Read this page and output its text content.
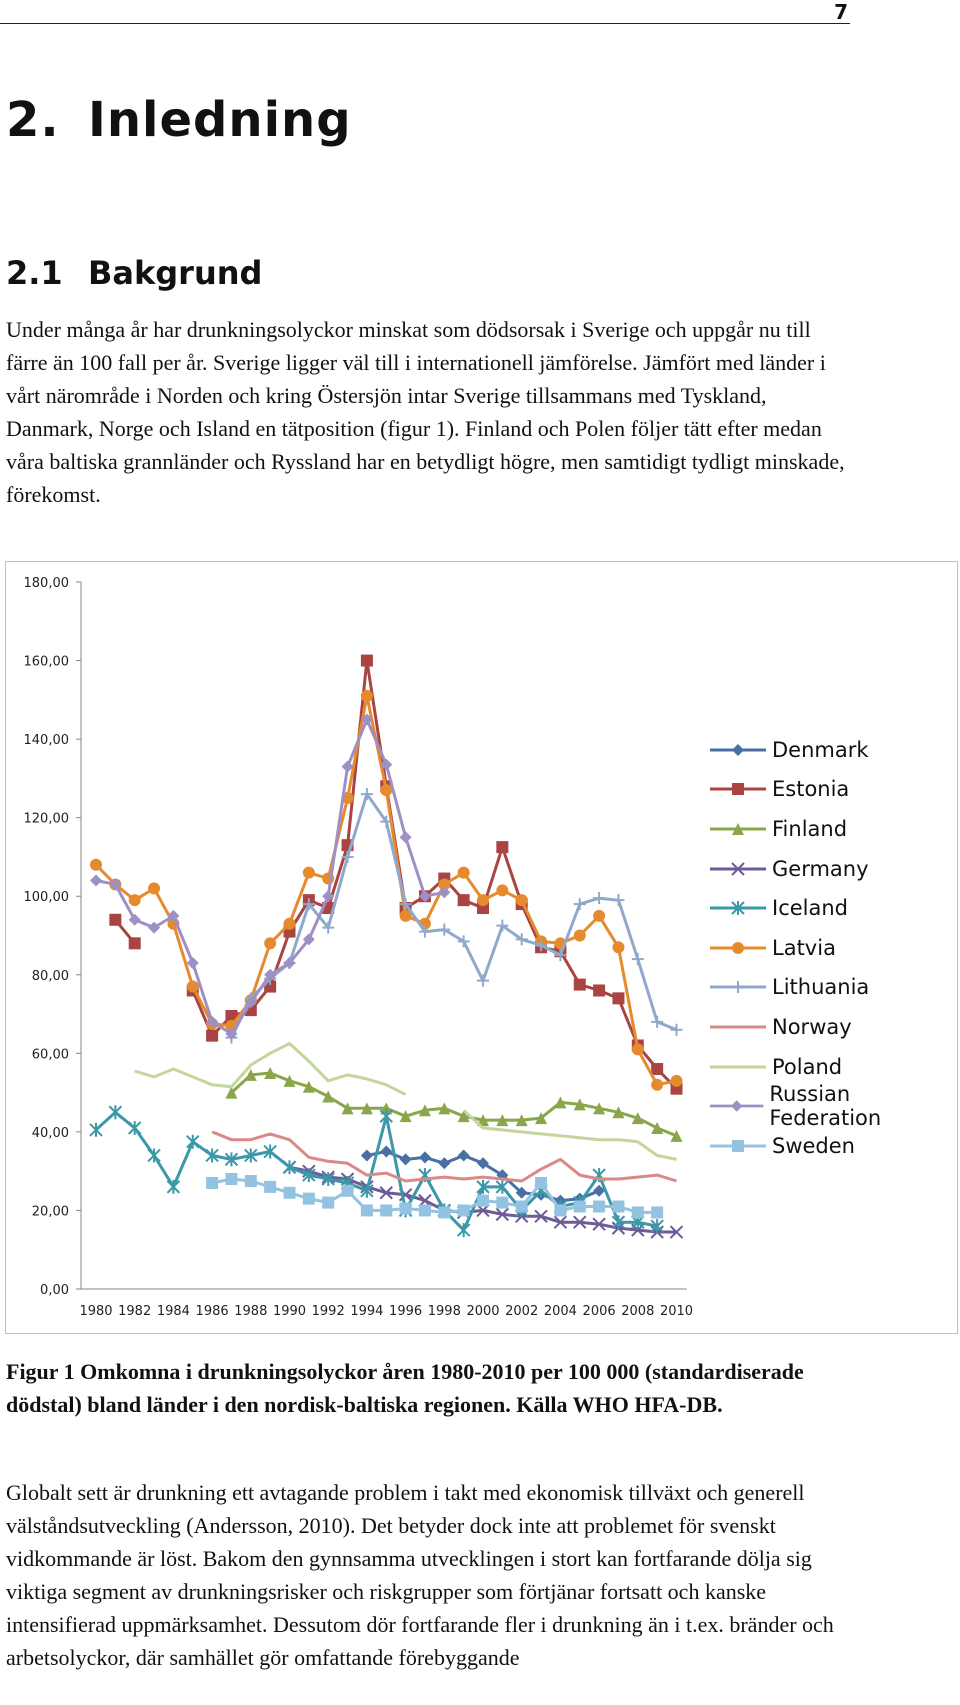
7
2. Inledning
2.1 Bakgrund

Under många år har drunkningsolyckor minskat som dödsorsak i Sverige och uppgår nu till färre än 100 fall per år. Sverige ligger väl till i internationell jämförelse. Jämfört med länder i vårt närområde i Norden och kring Östersjön intar Sverige tillsammans med Tyskland, Danmark, Norge och Island en tätposition (figur 1). Finland och Polen följer tätt efter medan våra baltiska grannländer och Ryssland har en betydligt högre, men samtidigt tydligt minskade, förekomst.

0,00
20,00
40,00
60,00
80,00
100,00
120,00
140,00
160,00
180,00
1980 1982 1984 1986 1988 1990 1992 1994 1996 1998 2000 2002 2004 2006 2008 2010
Denmark
Estonia
Finland
Germany
Iceland
Latvia
Lithuania
Norway
Poland
Russian Federation
Sweden

Figur 1 Omkomna i drunkningsolyckor åren 1980-2010 per 100 000 (standardiserade dödstal) bland länder i den nordisk-baltiska regionen. Källa WHO HFA-DB.

Globalt sett är drunkning ett avtagande problem i takt med ekonomisk tillväxt och generell välståndsutveckling (Andersson, 2010). Det betyder dock inte att problemet för svenskt vidkommande är löst. Bakom den gynnsamma utvecklingen i stort kan fortfarande dölja sig viktiga segment av drunkningsrisker och riskgrupper som förtjänar fortsatt och kanske intensifierad uppmärksamhet. Dessutom dör fortfarande fler i drunkning än i t.ex. bränder och arbetsolyckor, där samhället gör omfattande förebyggande
